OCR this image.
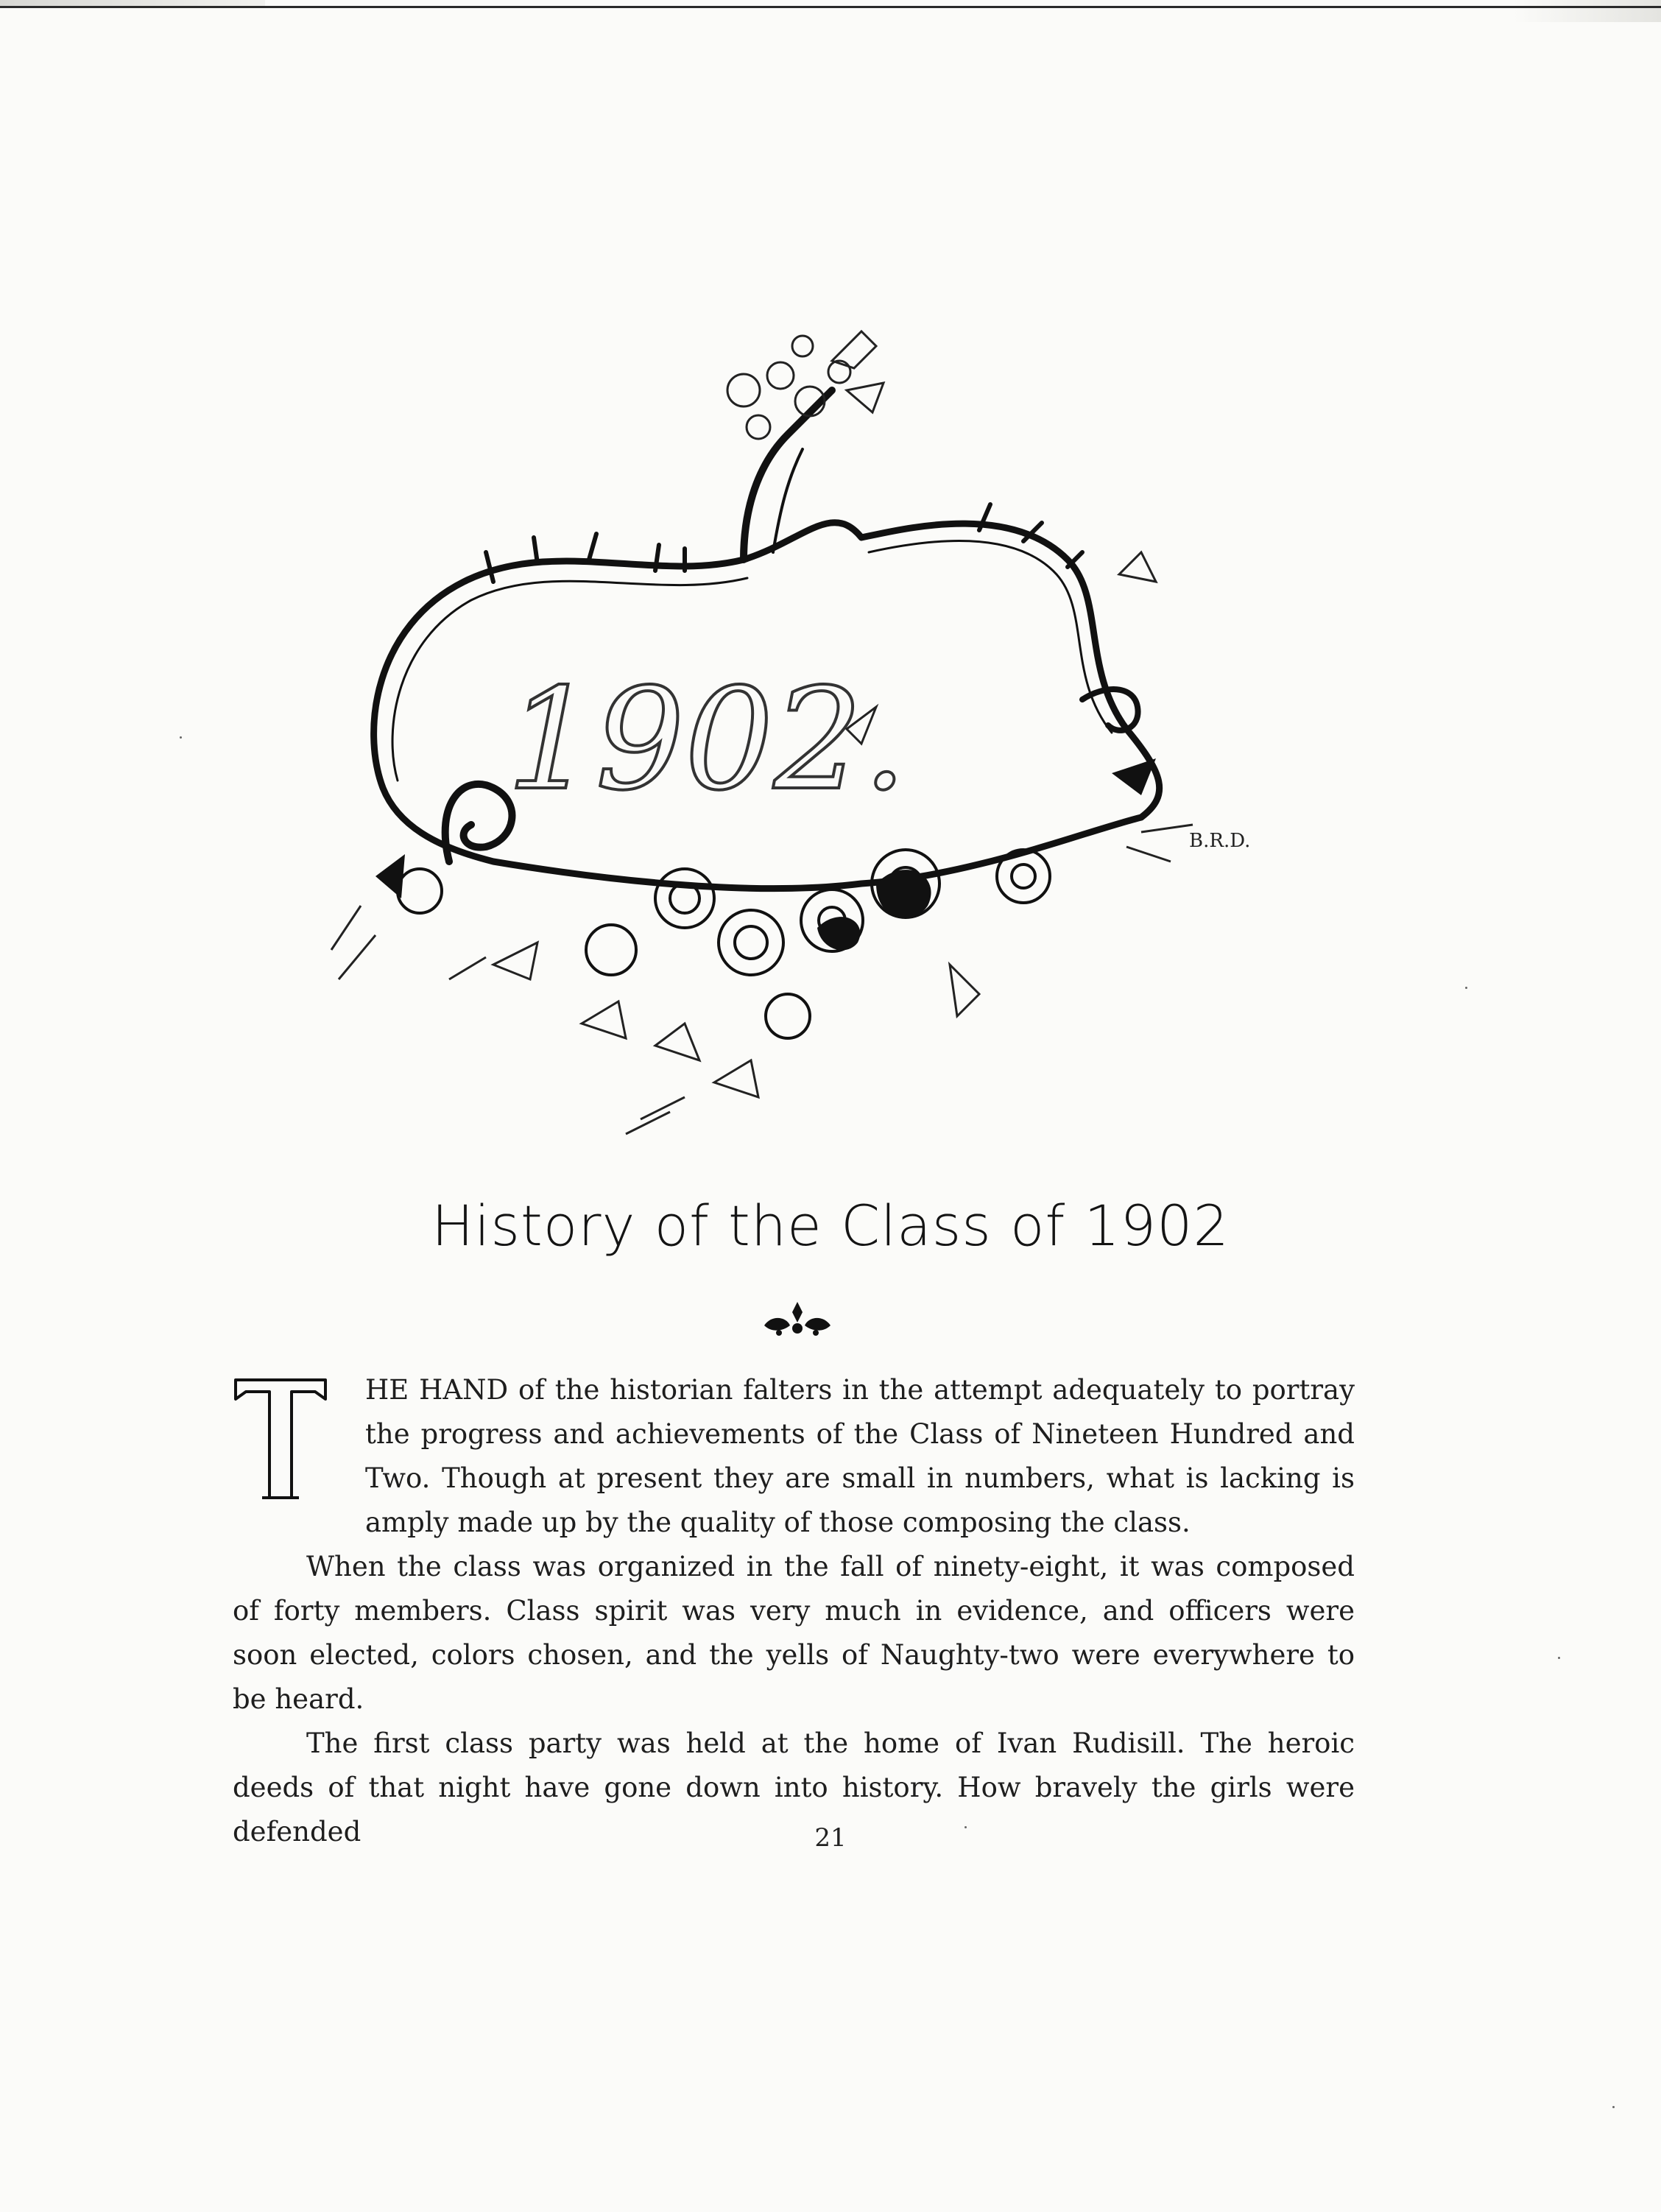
1902.
B.R.D.
History of the Class of 1902
T	HE HAND of the historian falters in the attempt adequately to portray the progress and achievements of the Class of Nineteen Hundred and Two. Though at present they are small in numbers, what is lacking is amply made up by the quality of those composing the class.

When the class was organized in the fall of ninety-eight, it was composed of forty members. Class spirit was very much in evidence, and officers were soon elected, colors chosen, and the yells of Naughty-two were everywhere to be heard.

The first class party was held at the home of Ivan Rudisill. The heroic deeds of that night have gone down into history. How bravely the girls were defended	21
